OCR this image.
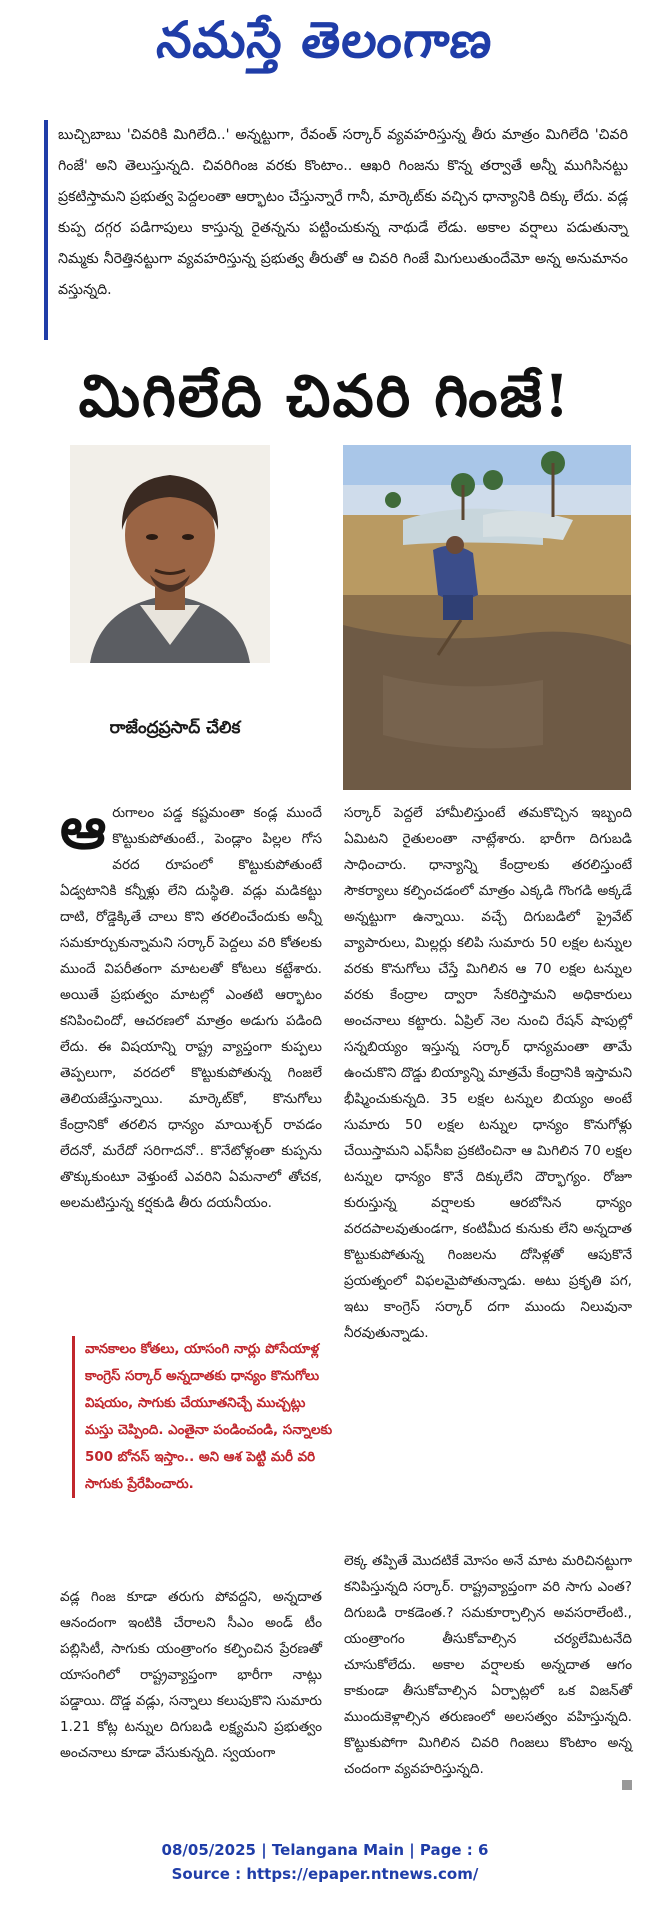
నమస్తే తెలంగాణ
బుచ్చిబాబు 'చివరికి మిగిలేది..' అన్నట్టుగా, రేవంత్ సర్కార్ వ్యవహరిస్తున్న తీరు మాత్రం మిగిలేది 'చివరి గింజే' అని తెలుస్తున్నది. చివరిగింజ వరకు కొంటాం.. ఆఖరి గింజను కొన్న తర్వాతే అన్నీ ముగిసినట్టు ప్రకటిస్తామని ప్రభుత్వ పెద్దలంతా ఆర్భాటం చేస్తున్నారే గానీ, మార్కెట్‌కు వచ్చిన ధాన్యానికి దిక్కు లేదు. వడ్ల కుప్ప దగ్గర పడిగాపులు కాస్తున్న రైతన్నను పట్టించుకున్న నాథుడే లేడు. అకాల వర్షాలు పడుతున్నా నిమ్మకు నీరెత్తినట్టుగా వ్యవహరిస్తున్న ప్రభుత్వ తీరుతో ఆ చివరి గింజే మిగులుతుందేమో అన్న అనుమానం వస్తున్నది.
మిగిలేది చివరి గింజే!
రాజేంద్రప్రసాద్ చేలిక
ఆ రుగాలం పడ్డ కష్టమంతా కండ్ల ముందే కొట్టుకుపోతుంటే., పెండ్లాం పిల్లల గోస వరద రూపంలో కొట్టుకుపోతుంటే ఏడ్వటానికి కన్నీళ్లు లేని దుస్థితి. వడ్లు మడికట్టు దాటి, రోడ్డెక్కితే చాలు కొని తరలించేందుకు అన్నీ సమకూర్చుకున్నామని సర్కార్ పెద్దలు వరి కోతలకు ముందే విపరీతంగా మాటలతో కోటలు కట్టేశారు. అయితే ప్రభుత్వం మాటల్లో ఎంతటి ఆర్భాటం కనిపించిందో, ఆచరణలో మాత్రం అడుగు పడింది లేదు. ఈ విషయాన్ని రాష్ట్ర వ్యాప్తంగా కుప్పలు తెప్పలుగా, వరదలో కొట్టుకుపోతున్న గింజలే తెలియజేస్తున్నాయి. మార్కెట్‌కో, కొనుగోలు కేంద్రానికో తరలిన ధాన్యం మాయిశ్చర్ రావడం లేదనో, మరేదో సరిగాదనో.. కొనేటోళ్లంతా కుప్పను తొక్కుకుంటూ వెళ్తుంటే ఎవరిని ఏమనాలో తోచక, అలమటిస్తున్న కర్షకుడి తీరు దయనీయం.
వానకాలం కోతలు, యాసంగి నార్లు పోసేయాళ్ల కాంగ్రెస్ సర్కార్ అన్నదాతకు ధాన్యం కొనుగోలు విషయం, సాగుకు చేయూతనిచ్చే ముచ్చట్లు మస్తు చెప్పింది. ఎంతైనా పండించండి, సన్నాలకు 500 బోనస్ ఇస్తాం.. అని ఆశ పెట్టి మరీ వరి సాగుకు ప్రేరేపించారు.
వడ్ల గింజ కూడా తరుగు పోవద్దని, అన్నదాత ఆనందంగా ఇంటికి చేరాలని సీఎం అండ్ టీం పబ్లిసిటీ, సాగుకు యంత్రాంగం కల్పించిన ప్రేరణతో యాసంగిలో రాష్ట్రవ్యాప్తంగా భారీగా నాట్లు పడ్డాయి. దొడ్డ వడ్లు, సన్నాలు కలుపుకొని సుమారు 1.21 కోట్ల టన్నుల దిగుబడి లక్ష్యమని ప్రభుత్వం అంచనాలు కూడా వేసుకున్నది. స్వయంగా
సర్కార్ పెద్దలే హామీలిస్తుంటే తమకొచ్చిన ఇబ్బంది ఏమిటని రైతులంతా నాట్లేశారు. భారీగా దిగుబడి సాధించారు. ధాన్యాన్ని కేంద్రాలకు తరలిస్తుంటే సౌకర్యాలు కల్పించడంలో మాత్రం ఎక్కడి గొంగడి అక్కడే అన్నట్టుగా ఉన్నాయి. వచ్చే దిగుబడిలో ప్రైవేట్ వ్యాపారులు, మిల్లర్లు కలిపి సుమారు 50 లక్షల టన్నుల వరకు కొనుగోలు చేస్తే మిగిలిన ఆ 70 లక్షల టన్నుల వరకు కేంద్రాల ద్వారా సేకరిస్తామని అధికారులు అంచనాలు కట్టారు. ఏప్రిల్ నెల నుంచి రేషన్ షాపుల్లో సన్నబియ్యం ఇస్తున్న సర్కార్ ధాన్యమంతా తామే ఉంచుకొని దొడ్డు బియ్యాన్ని మాత్రమే కేంద్రానికి ఇస్తామని భీష్మించుకున్నది. 35 లక్షల టన్నుల బియ్యం అంటే సుమారు 50 లక్షల టన్నుల ధాన్యం కొనుగోళ్లు చేయిస్తామని ఎఫ్‌సీఐ ప్రకటించినా ఆ మిగిలిన 70 లక్షల టన్నుల ధాన్యం కొనే దిక్కులేని దౌర్భాగ్యం. రోజూ కురుస్తున్న వర్షాలకు ఆరబోసిన ధాన్యం వరదపాలవుతుండగా, కంటిమీద కునుకు లేని అన్నదాత కొట్టుకుపోతున్న గింజలను దోసిళ్లతో ఆపుకొనే ప్రయత్నంలో విఫలమైపోతున్నాడు. అటు ప్రకృతి పగ, ఇటు కాంగ్రెస్ సర్కార్ దగా ముందు నిలువునా నీరవుతున్నాడు.
లెక్క తప్పితే మొదటికే మోసం అనే మాట మరిచినట్టుగా కనిపిస్తున్నది సర్కార్. రాష్ట్రవ్యాప్తంగా వరి సాగు ఎంత? దిగుబడి రాకడెంత.? సమకూర్చాల్సిన అవసరాలేంటి., యంత్రాంగం తీసుకోవాల్సిన చర్యలేమిటనేది చూసుకోలేదు. అకాల వర్షాలకు అన్నదాత ఆగం కాకుండా తీసుకోవాల్సిన ఏర్పాట్లలో ఒక విజన్‌తో ముందుకెళ్లాల్సిన తరుణంలో అలసత్వం వహిస్తున్నది. కొట్టుకుపోగా మిగిలిన చివరి గింజలు కొంటాం అన్న చందంగా వ్యవహరిస్తున్నది.
08/05/2025 | Telangana Main | Page : 6
Source : https://epaper.ntnews.com/
